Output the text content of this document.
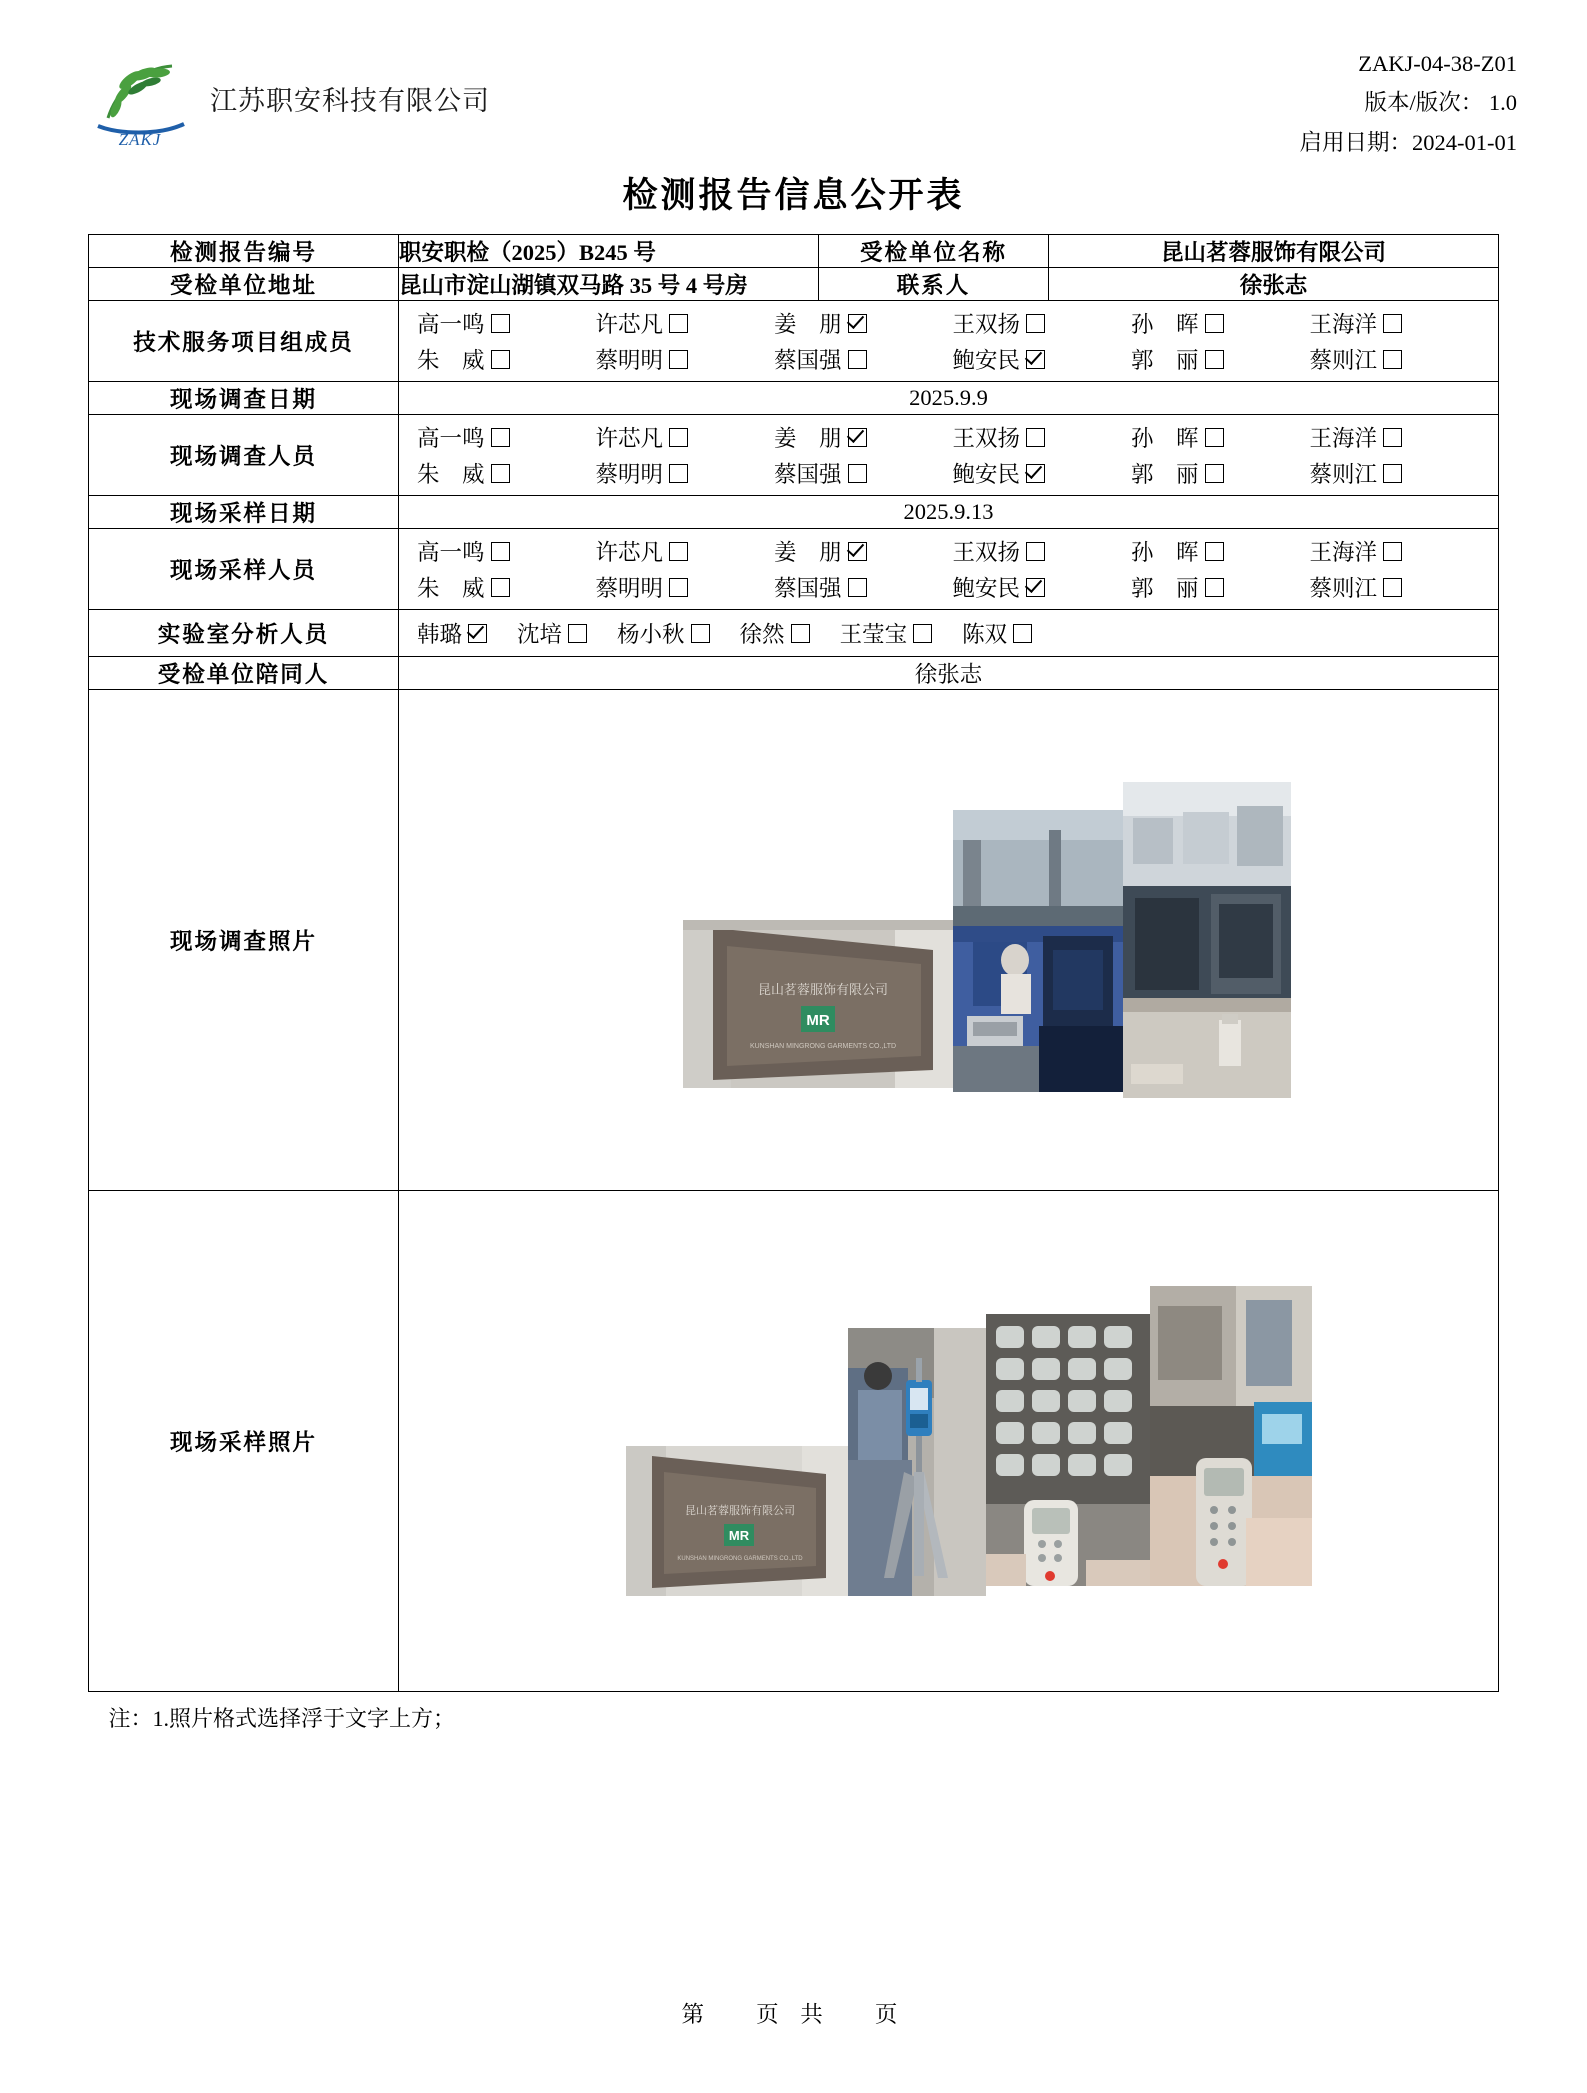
ZAKJ
江苏职安科技有限公司
ZAKJ-04-38-Z01
版本/版次： 1.0
启用日期：2024-01-01
检测报告信息公开表
检测报告编号	职安职检（2025）B245 号	受检单位名称	昆山茗蓉服饰有限公司
受检单位地址	昆山市淀山湖镇双马路 35 号 4 号房	联系人	徐张志
技术服务项目组成员	
高一鸣	许芯凡	姜　朋	王双扬	孙　晖	王海洋
朱　威	蔡明明	蔡国强	鲍安民	郭　丽	蔡则江

现场调查日期	2025.9.9		
现场调查人员	
高一鸣	许芯凡	姜　朋	王双扬	孙　晖	王海洋
朱　威	蔡明明	蔡国强	鲍安民	郭　丽	蔡则江

现场采样日期	2025.9.13		
现场采样人员	
高一鸣	许芯凡	姜　朋	王双扬	孙　晖	王海洋
朱　威	蔡明明	蔡国强	鲍安民	郭　丽	蔡则江

实验室分析人员	韩璐 沈培 杨小秋 徐然 王莹宝 陈双

受检单位陪同人	徐张志		
现场调查照片	昆山茗蓉服饰有限公司
MR
KUNSHAN MINGRONG GARMENTS CO.,LTD		

现场采样照片	昆山茗蓉服饰有限公司
MR
KUNSHAN MINGRONG GARMENTS CO.,LTD		
注：1.照片格式选择浮于文字上方；
第 　页 共 　页
